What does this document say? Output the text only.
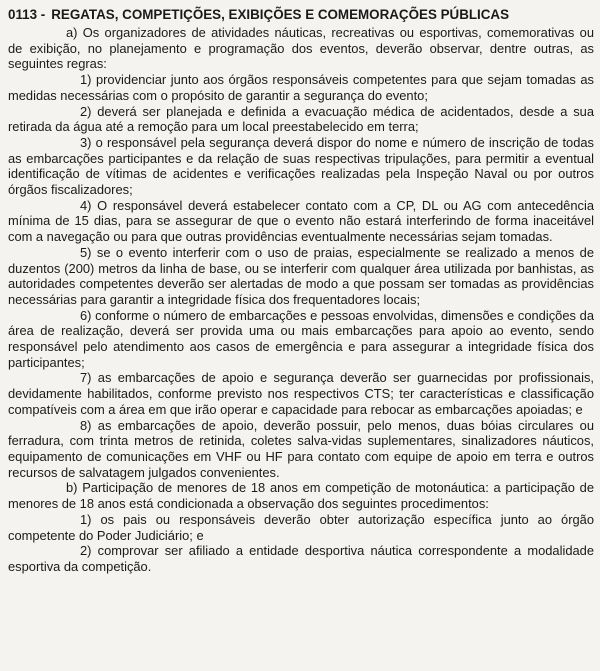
0113 - REGATAS, COMPETIÇÕES, EXIBIÇÕES E COMEMORAÇÕES PÚBLICAS

a) Os organizadores de atividades náuticas, recreativas ou esportivas, comemorativas ou de exibição, no planejamento e programação dos eventos, deverão observar, dentre outras, as seguintes regras:

1) providenciar junto aos órgãos responsáveis competentes para que sejam tomadas as medidas necessárias com o propósito de garantir a segurança do evento;

2) deverá ser planejada e definida a evacuação médica de acidentados, desde a sua retirada da água até a remoção para um local preestabelecido em terra;

3) o responsável pela segurança deverá dispor do nome e número de inscrição de todas as embarcações participantes e da relação de suas respectivas tripulações, para permitir a eventual identificação de vítimas de acidentes e verificações realizadas pela Inspeção Naval ou por outros órgãos fiscalizadores;

4) O responsável deverá estabelecer contato com a CP, DL ou AG com antecedência mínima de 15 dias, para se assegurar de que o evento não estará interferindo de forma inaceitável com a navegação ou para que outras providências eventualmente necessárias sejam tomadas.

5) se o evento interferir com o uso de praias, especialmente se realizado a menos de duzentos (200) metros da linha de base, ou se interferir com qualquer área utilizada por banhistas, as autoridades competentes deverão ser alertadas de modo a que possam ser tomadas as providências necessárias para garantir a integridade física dos frequentadores locais;

6) conforme o número de embarcações e pessoas envolvidas, dimensões e condições da área de realização, deverá ser provida uma ou mais embarcações para apoio ao evento, sendo responsável pelo atendimento aos casos de emergência e para assegurar a integridade física dos participantes;

7) as embarcações de apoio e segurança deverão ser guarnecidas por profissionais, devidamente habilitados, conforme previsto nos respectivos CTS; ter características e classificação compatíveis com a área em que irão operar e capacidade para rebocar as embarcações apoiadas; e

8) as embarcações de apoio, deverão possuir, pelo menos, duas bóias circulares ou ferradura, com trinta metros de retinida, coletes salva-vidas suplementares, sinalizadores náuticos, equipamento de comunicações em VHF ou HF para contato com equipe de apoio em terra e outros recursos de salvatagem julgados convenientes.

b) Participação de menores de 18 anos em competição de motonáutica: a participação de menores de 18 anos está condicionada a observação dos seguintes procedimentos:

1) os pais ou responsáveis deverão obter autorização específica junto ao órgão competente do Poder Judiciário; e

2) comprovar ser afiliado a entidade desportiva náutica correspondente a modalidade esportiva da competição.
